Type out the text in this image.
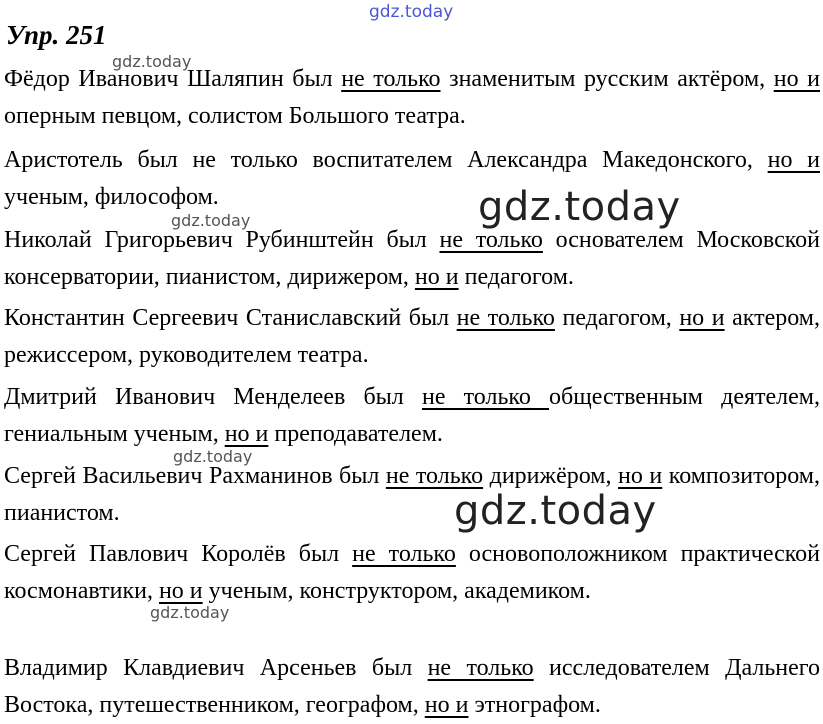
gdz.today
Упр. 251
gdz.today

Фёдор Иванович Шаляпин был не только знаменитым русским актёром, но и оперным певцом, солистом Большого театра.

Аристотель был не только воспитателем Александра Македонского, но и ученым, философом.	gdz.today
gdz.today

Николай Григорьевич Рубинштейн был не только основателем Московской консерватории, пианистом, дирижером, но и педагогом.

Константин Сергеевич Станиславский был не только педагогом, но и актером, режиссером, руководителем театра.

Дмитрий Иванович Менделеев был не только общественным деятелем, гениальным ученым, но и преподавателем.

gdz.today

Сергей Васильевич Рахманинов был не только дирижёром, но и композитором, пианистом.	gdz.today

Сергей Павлович Королёв был не только основоположником практической космонавтики, но и ученым, конструктором, академиком.

gdz.today

Владимир Клавдиевич Арсеньев был не только исследователем Дальнего Востока, путешественником, географом, но и этнографом.
